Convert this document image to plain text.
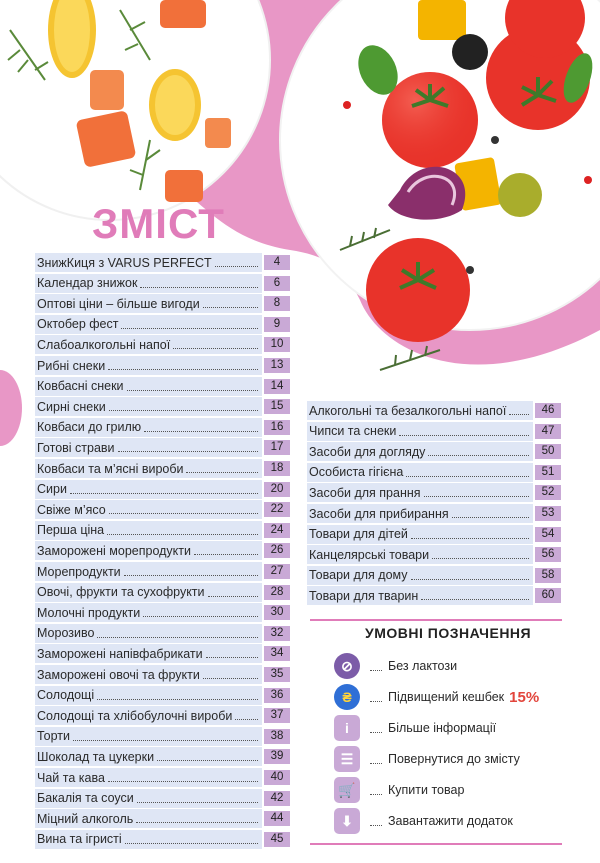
ЗМІСТ
ЗнижКиця з VARUS PERFECT	4
Календар знижок	6
Оптові ціни – більше вигоди	8
Октобер фест	9
Слабоалкогольні напої	10
Рибні снеки	13
Ковбасні снеки	14
Сирні снеки	15
Ковбаси до грилю	16
Готові страви	17
Ковбаси та м’ясні вироби	18
Сири	20
Свіже м’ясо	22
Перша ціна	24
Заморожені морепродукти	26
Морепродукти	27
Овочі, фрукти та сухофрукти	28
Молочні продукти	30
Морозиво	32
Заморожені напівфабрикати	34
Заморожені овочі та фрукти	35
Солодощі	36
Солодощі та хлібобулочні вироби	37
Торти	38
Шоколад та цукерки	39
Чай та кава	40
Бакалія та соуси	42
Міцний алкоголь	44
Вина та ігристі	45
Алкогольні та безалкогольні напої	46
Чипси та снеки	47
Засоби для догляду	50
Особиста гігієна	51
Засоби для прання	52
Засоби для прибирання	53
Товари для дітей	54
Канцелярські товари	56
Товари для дому	58
Товари для тварин	60
УМОВНІ ПОЗНАЧЕННЯ
⊘	Без лактози
₴	Підвищений кешбек 15%
i	Більше інформації
☰	Повернутися до змісту
🛒	Купити товар
⬇	Завантажити додаток
